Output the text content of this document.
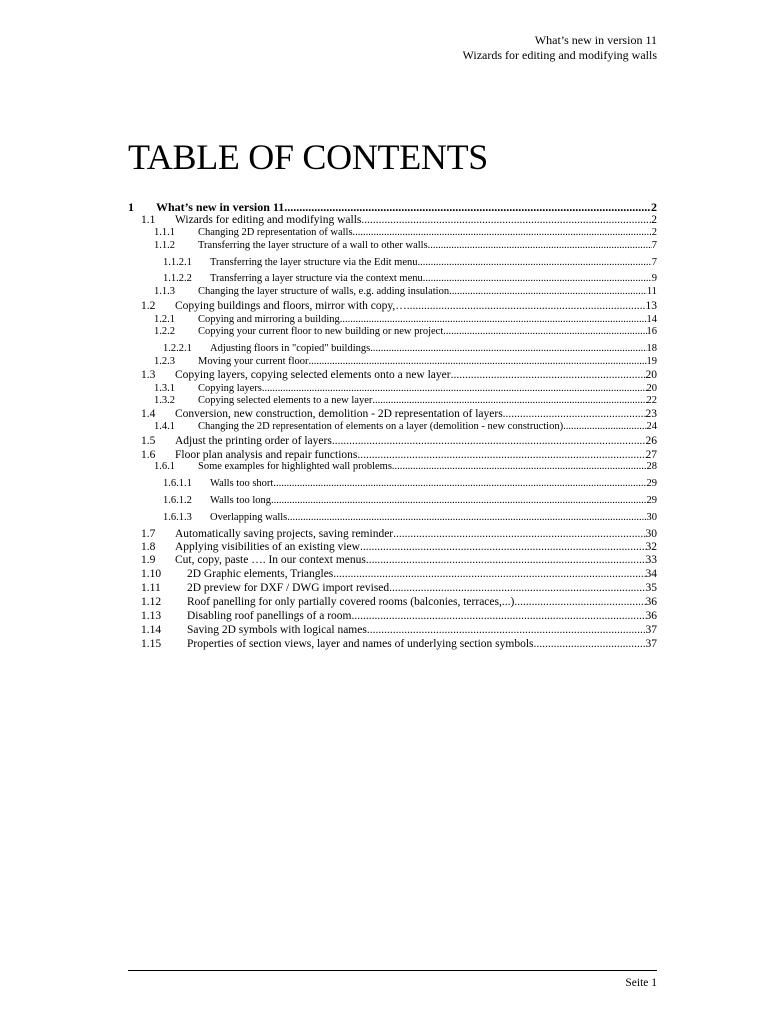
What’s new in version 11
Wizards for editing and modifying walls
TABLE OF CONTENTS
1 What’s new in version 11 .....	2
1.1 Wizards for editing and modifying walls .....	2
1.1.1 Changing 2D representation of walls .....	2
1.1.2 Transferring the layer structure of a wall to other walls .....	7
1.1.2.1 Transferring the layer structure via the Edit menu .....	7
1.1.2.2 Transferring a layer structure via the context menu .....	9
1.1.3 Changing the layer structure of walls, e.g. adding insulation .....	11
1.2 Copying buildings and floors, mirror with copy,… .....	13
1.2.1 Copying and mirroring a building .....	14
1.2.2 Copying your current floor to new building or new project .....	16
1.2.2.1 Adjusting floors in "copied" buildings .....	18
1.2.3 Moving your current floor .....	19
1.3 Copying layers, copying selected elements onto a new layer .....	20
1.3.1 Copying layers .....	20
1.3.2 Copying selected elements to a new layer .....	22
1.4 Conversion, new construction, demolition - 2D representation of layers .....	23
1.4.1 Changing the 2D representation of elements on a layer (demolition - new construction) .....	24
1.5 Adjust the printing order of layers .....	26
1.6 Floor plan analysis and repair functions .....	27
1.6.1 Some examples for highlighted wall problems .....	28
1.6.1.1 Walls too short .....	29
1.6.1.2 Walls too long .....	29
1.6.1.3 Overlapping walls .....	30
1.7 Automatically saving projects, saving reminder .....	30
1.8 Applying visibilities of an existing view .....	32
1.9 Cut, copy, paste …. In our context menus .....	33
1.10 2D Graphic elements, Triangles .....	34
1.11 2D preview for DXF / DWG import revised .....	35
1.12 Roof panelling for only partially covered rooms (balconies, terraces,...) .....	36
1.13 Disabling roof panellings of a room .....	36
1.14 Saving 2D symbols with logical names .....	37
1.15 Properties of section views, layer and names of underlying section symbols .....	37
Seite 1
